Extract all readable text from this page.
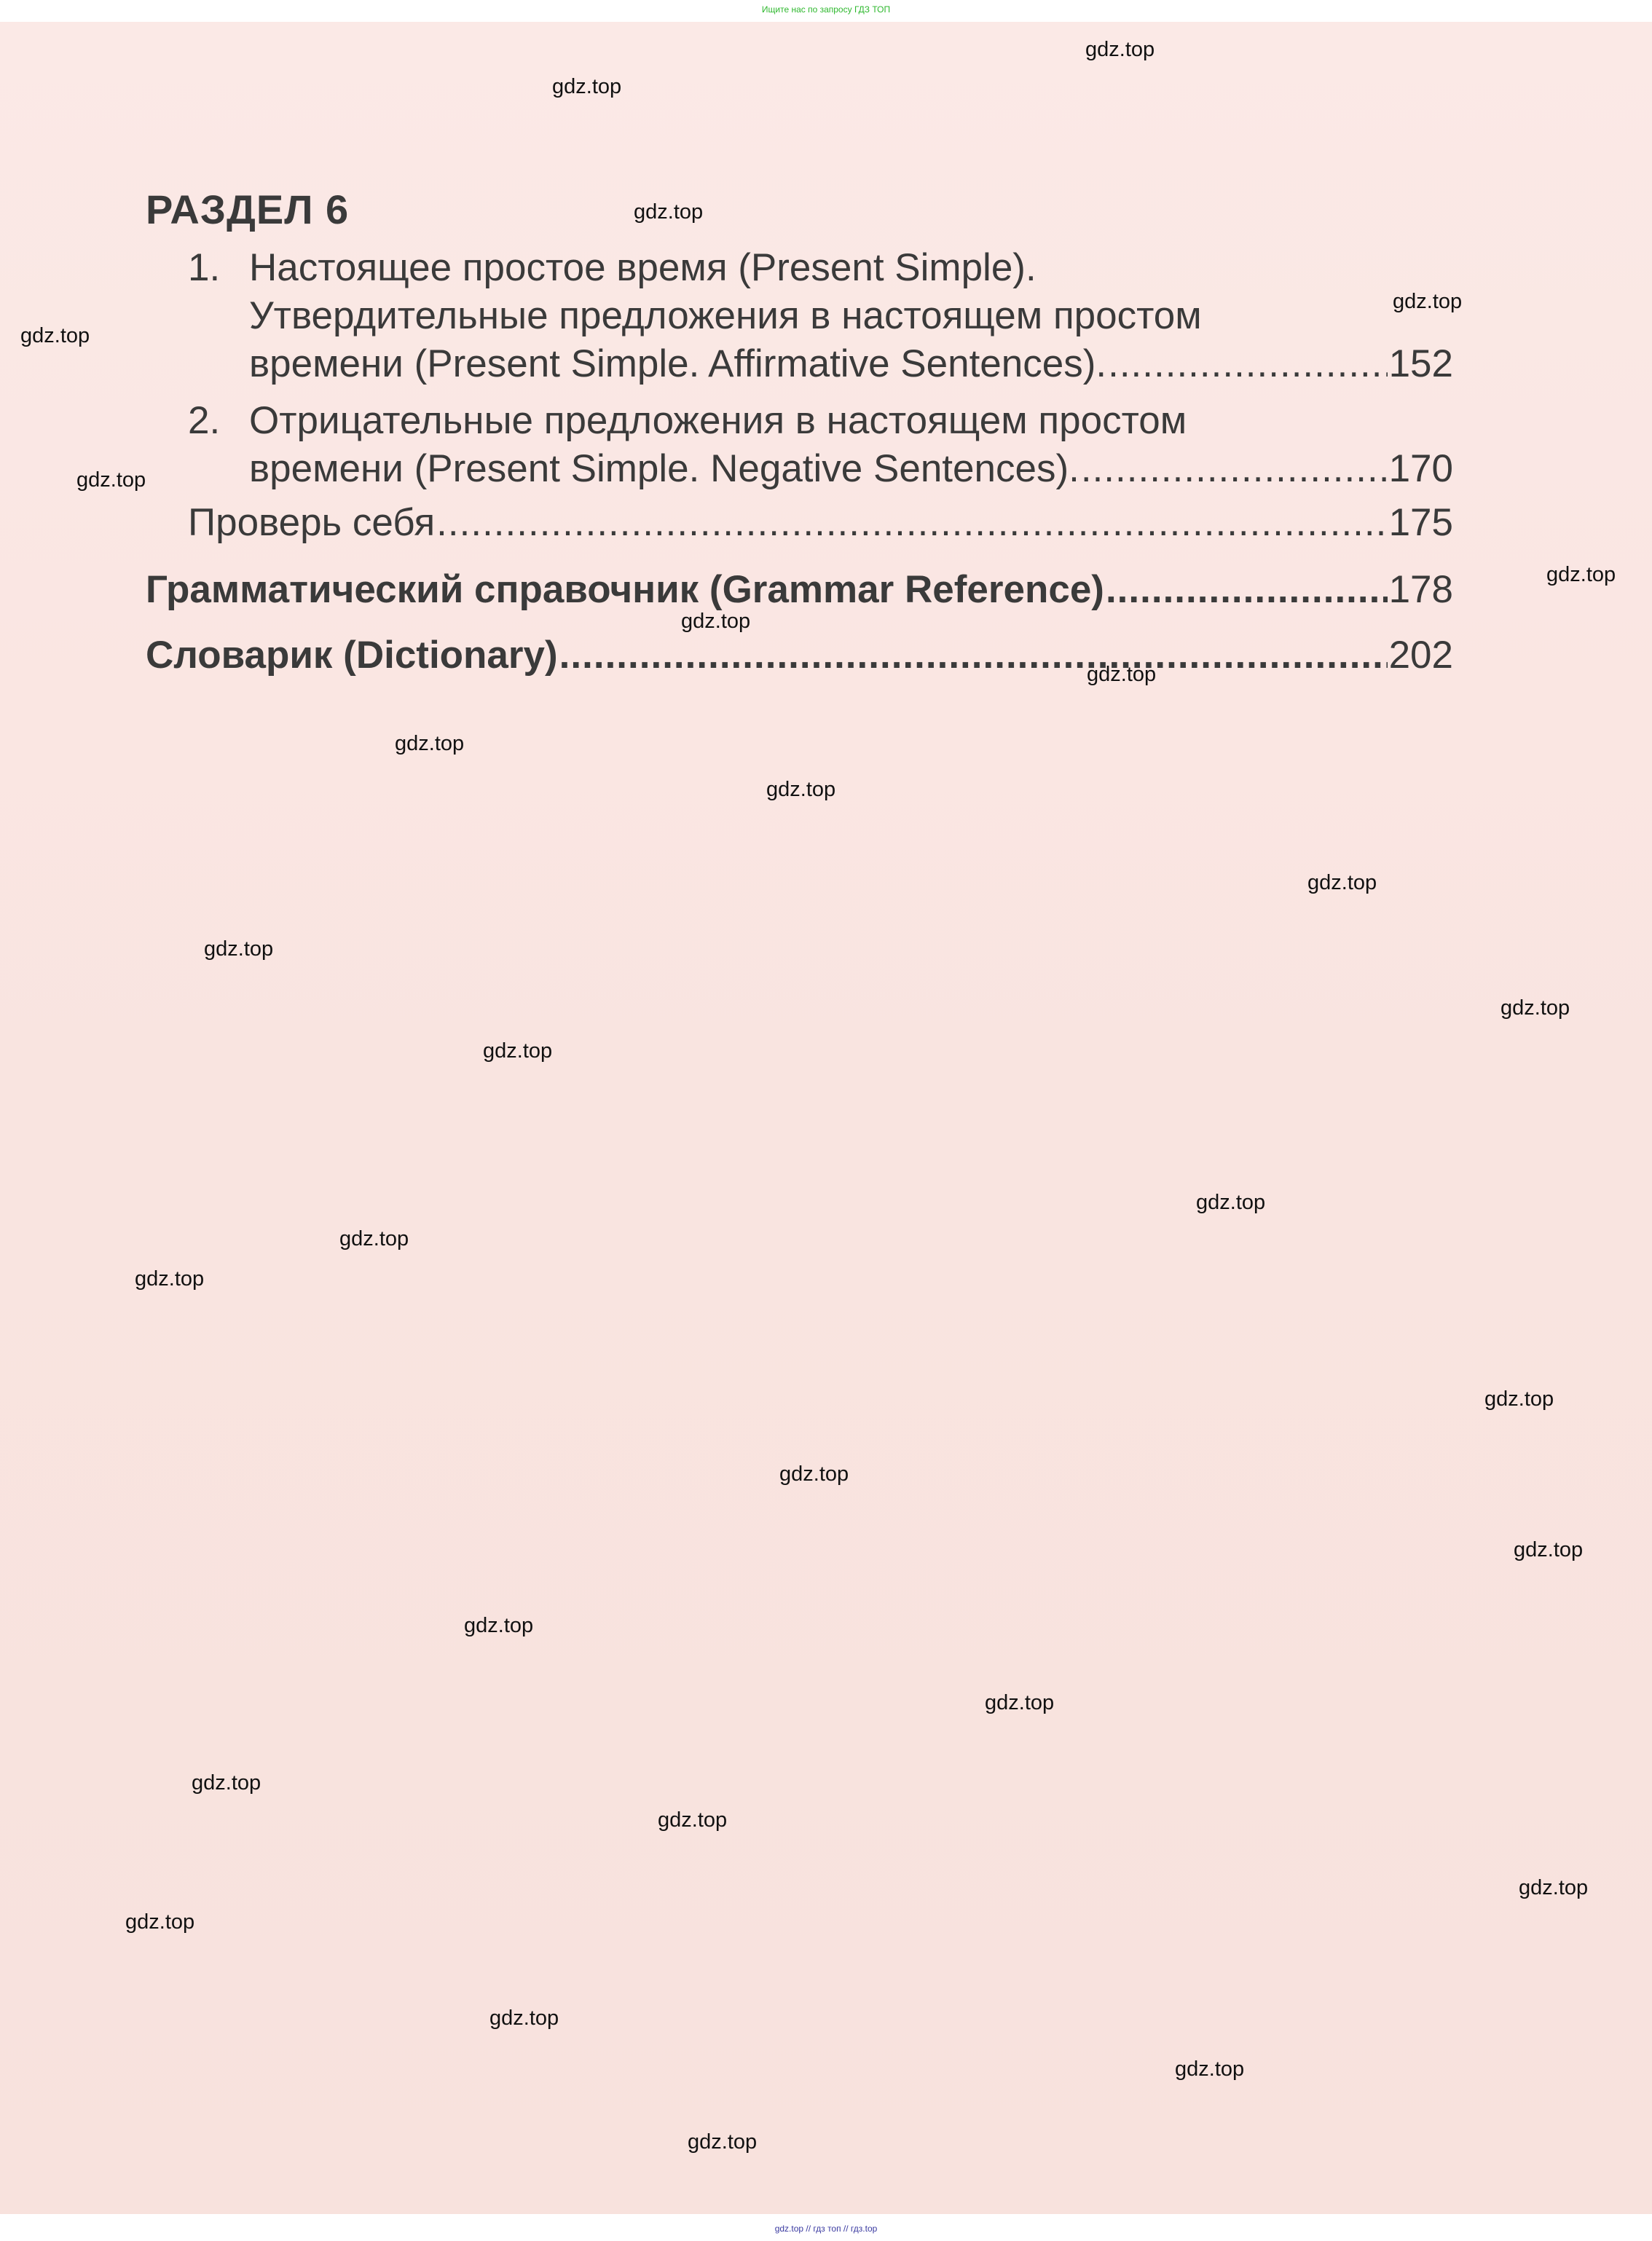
Ищите нас по запросу ГДЗ ТОП
РАЗДЕЛ 6
1. Настоящее простое время (Present Simple).
Утвердительные предложения в настоящем простом
времени (Present Simple. Affirmative Sentences). .....	152
2. Отрицательные предложения в настоящем простом
времени (Present Simple. Negative Sentences). .....	170
Проверь себя .....	175
Грамматический справочник (Grammar Reference) .....	178
Словарик (Dictionary) .....	202
gdz.top
gdz.top
gdz.top
gdz.top
gdz.top
gdz.top
gdz.top
gdz.top
gdz.top
gdz.top
gdz.top
gdz.top
gdz.top
gdz.top
gdz.top
gdz.top
gdz.top
gdz.top
gdz.top
gdz.top
gdz.top
gdz.top
gdz.top
gdz.top
gdz.top
gdz.top
gdz.top
gdz.top
gdz.top
gdz.top
gdz.top // гдз топ // гдз.top
